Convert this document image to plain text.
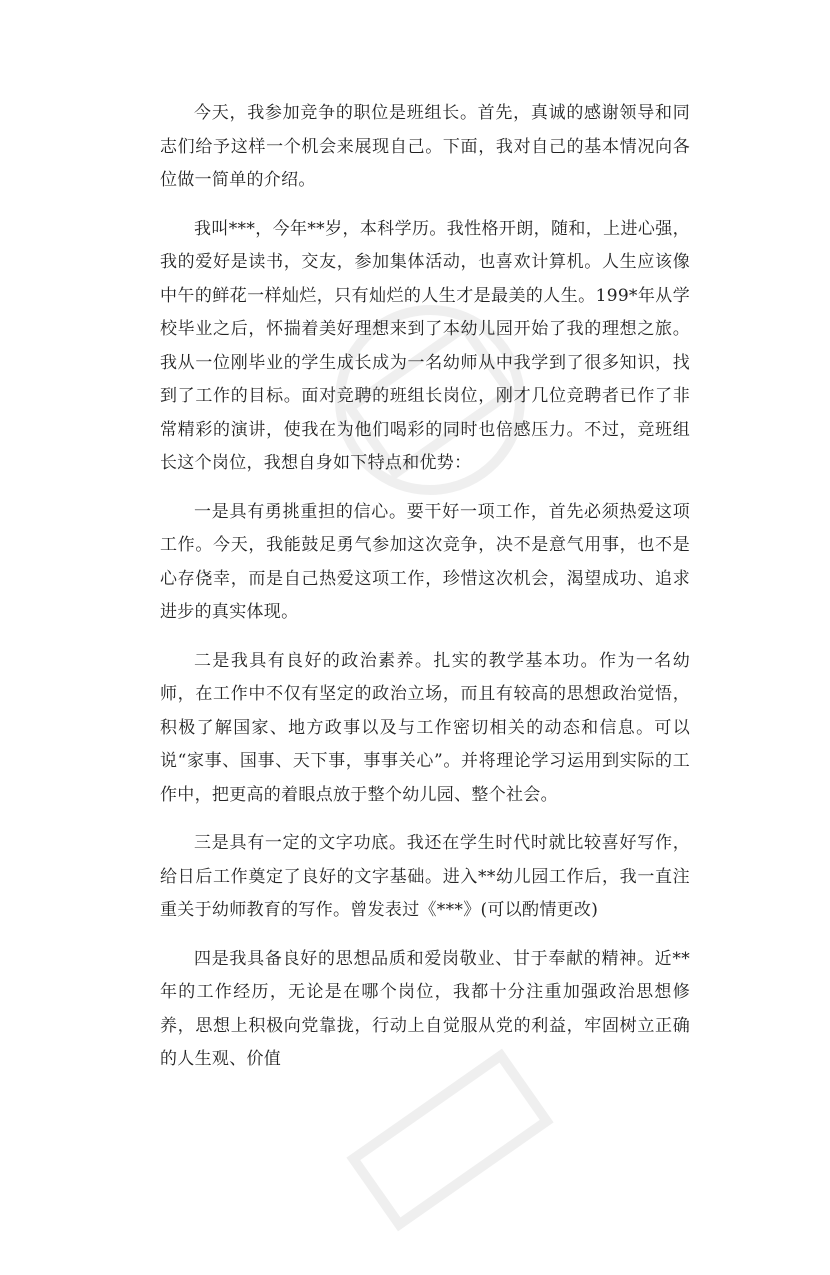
今天，我参加竞争的职位是班组长。首先，真诚的感谢领导和同志们给予这样一个机会来展现自己。下面，我对自己的基本情况向各位做一简单的介绍。

我叫***，今年**岁，本科学历。我性格开朗，随和，上进心强，我的爱好是读书，交友，参加集体活动，也喜欢计算机。人生应该像中午的鲜花一样灿烂，只有灿烂的人生才是最美的人生。199*年从学校毕业之后，怀揣着美好理想来到了本幼儿园开始了我的理想之旅。我从一位刚毕业的学生成长成为一名幼师从中我学到了很多知识，找到了工作的目标。面对竞聘的班组长岗位，刚才几位竞聘者已作了非常精彩的演讲，使我在为他们喝彩的同时也倍感压力。不过，竞班组长这个岗位，我想自身如下特点和优势：

一是具有勇挑重担的信心。要干好一项工作，首先必须热爱这项工作。今天，我能鼓足勇气参加这次竞争，决不是意气用事，也不是心存侥幸，而是自己热爱这项工作，珍惜这次机会，渴望成功、追求进步的真实体现。

二是我具有良好的政治素养。扎实的教学基本功。作为一名幼师，在工作中不仅有坚定的政治立场，而且有较高的思想政治觉悟，积极了解国家、地方政事以及与工作密切相关的动态和信息。可以说“家事、国事、天下事，事事关心”。并将理论学习运用到实际的工作中，把更高的着眼点放于整个幼儿园、整个社会。

三是具有一定的文字功底。我还在学生时代时就比较喜好写作，给日后工作奠定了良好的文字基础。进入**幼儿园工作后，我一直注重关于幼师教育的写作。曾发表过《***》(可以酌情更改)

四是我具备良好的思想品质和爱岗敬业、甘于奉献的精神。近**年的工作经历，无论是在哪个岗位，我都十分注重加强政治思想修养，思想上积极向党靠拢，行动上自觉服从党的利益，牢固树立正确的人生观、价值
